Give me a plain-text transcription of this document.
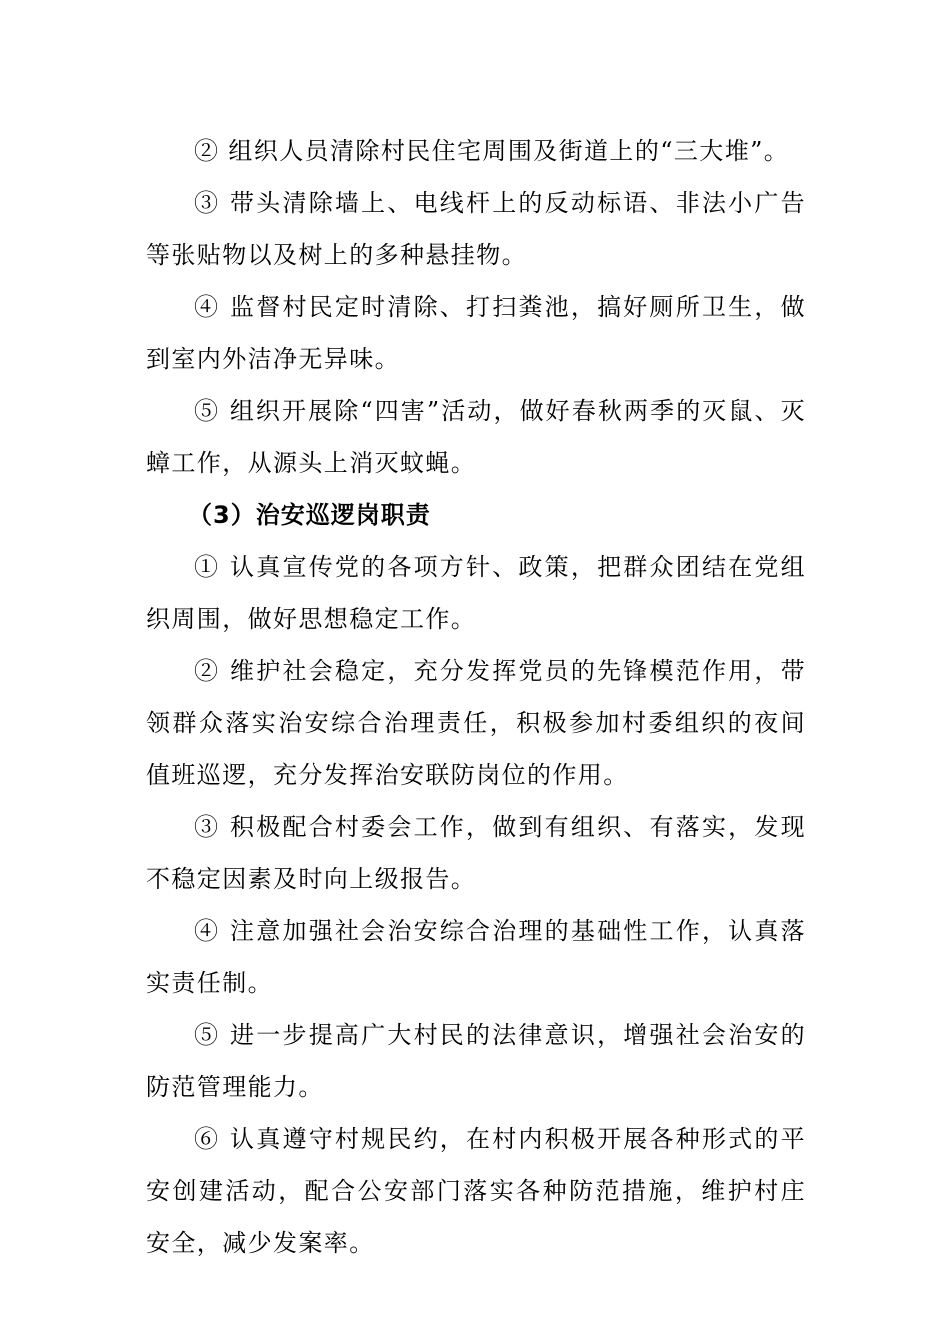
② 组织人员清除村民住宅周围及街道上的“三大堆”。

③ 带头清除墙上、电线杆上的反动标语、非法小广告等张贴物以及树上的多种悬挂物。

④ 监督村民定时清除、打扫粪池，搞好厕所卫生，做到室内外洁净无异味。

⑤ 组织开展除“四害”活动，做好春秋两季的灭鼠、灭蟑工作，从源头上消灭蚊蝇。

（3）治安巡逻岗职责

① 认真宣传党的各项方针、政策，把群众团结在党组织周围，做好思想稳定工作。

② 维护社会稳定，充分发挥党员的先锋模范作用，带领群众落实治安综合治理责任，积极参加村委组织的夜间值班巡逻，充分发挥治安联防岗位的作用。

③ 积极配合村委会工作，做到有组织、有落实，发现不稳定因素及时向上级报告。

④ 注意加强社会治安综合治理的基础性工作，认真落实责任制。

⑤ 进一步提高广大村民的法律意识，增强社会治安的防范管理能力。

⑥ 认真遵守村规民约，在村内积极开展各种形式的平安创建活动，配合公安部门落实各种防范措施，维护村庄安全，减少发案率。
